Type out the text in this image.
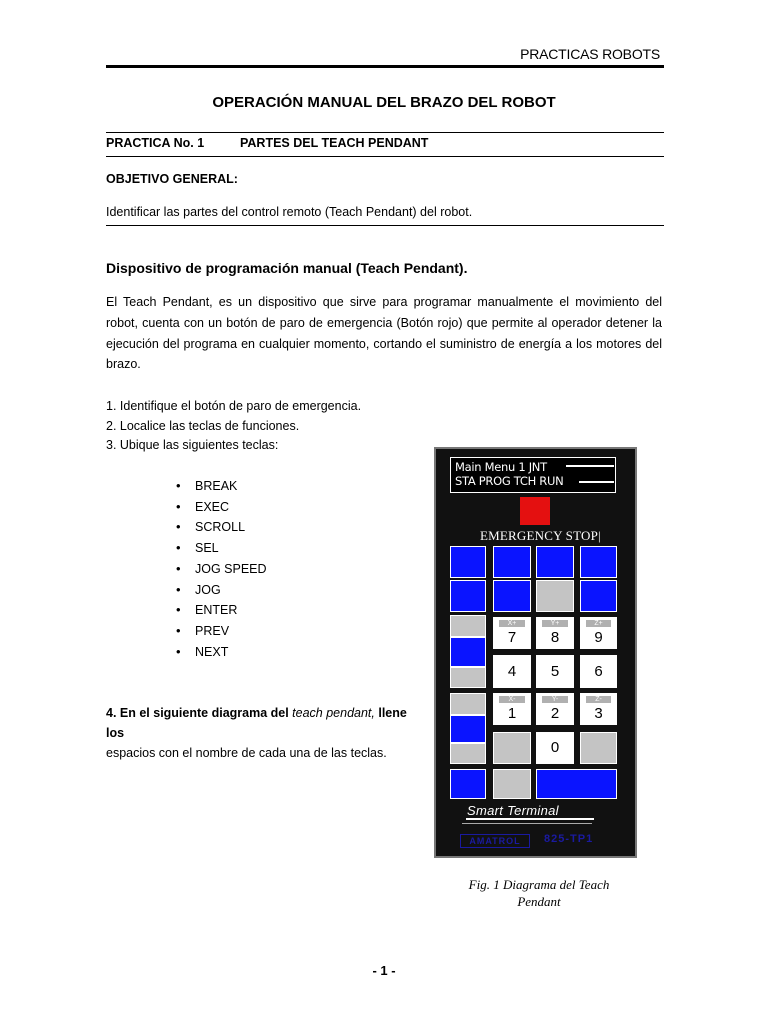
PRACTICAS ROBOTS
OPERACIÓN MANUAL DEL BRAZO DEL ROBOT
PRACTICA No. 1	PARTES DEL TEACH PENDANT
OBJETIVO GENERAL:
Identificar las partes del control remoto (Teach Pendant) del robot.
Dispositivo de programación manual (Teach Pendant).
El Teach Pendant, es un dispositivo que sirve para programar manualmente el movimiento del robot, cuenta con un botón de paro de emergencia (Botón rojo) que permite al operador detener la ejecución del programa en cualquier momento, cortando el suministro de energía a los motores del brazo.
1. Identifique el botón de paro de emergencia.
2. Localice las teclas de funciones.
3. Ubique las siguientes teclas:
• BREAK
• EXEC
• SCROLL
• SEL
• JOG SPEED
• JOG
• ENTER
• PREV
• NEXT
4. En el siguiente diagrama del teach pendant, llene los
espacios con el nombre de cada una de las teclas.
Main Menu 1 JNT
STA PROG TCH RUN
EMERGENCY STOP|
X+
7
Y+
8
Z+
9
4	5	6
X-
1
Y-
2
Z-
3
0
Smart Terminal
AMATROL	825-TP1
Fig. 1 Diagrama del Teach
Pendant
- 1 -
